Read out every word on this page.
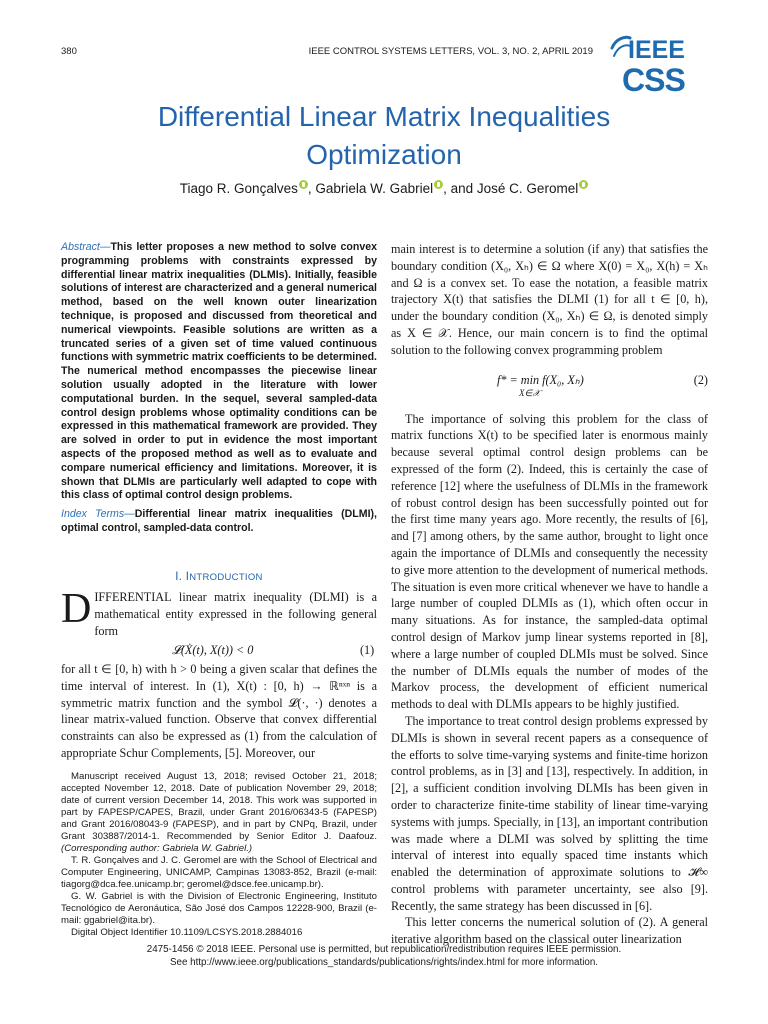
380	IEEE CONTROL SYSTEMS LETTERS, VOL. 3, NO. 2, APRIL 2019 IEEE
CSS
Differential Linear Matrix Inequalities
Optimization
Tiago R. Gonçalves , Gabriela W. Gabriel , and José C. Geromel
Abstract—This letter proposes a new method to solve convex programming problems with constraints expressed by differential linear matrix inequalities (DLMIs). Initially, feasible solutions of interest are characterized and a general numerical method, based on the well known outer linearization technique, is proposed and discussed from theoretical and numerical viewpoints. Feasible solutions are written as a truncated series of a given set of time valued continuous functions with symmetric matrix coefficients to be determined. The numerical method encompasses the piecewise linear solution usually adopted in the literature with lower computational burden. In the sequel, several sampled-data control design problems whose optimality conditions can be expressed in this mathematical framework are provided. They are solved in order to put in evidence the most important aspects of the proposed method as well as to evaluate and compare numerical efficiency and limitations. Moreover, it is shown that DLMIs are particularly well adapted to cope with this class of optimal control design problems.
Index Terms—Differential linear matrix inequalities (DLMI), optimal control, sampled-data control.
I. INTRODUCTION
DIFFERENTIAL linear matrix inequality (DLMI) is a mathematical entity expressed in the following general form
𝓛(Ẋ(t), X(t)) < 0	(1)
for all t ∈ [0, h) with h > 0 being a given scalar that defines the time interval of interest. In (1), X(t) : [0, h) → ℝⁿˣⁿ is a symmetric matrix function and the symbol 𝓛(·, ·) denotes a linear matrix-valued function. Observe that convex differential constraints can also be expressed as (1) from the calculation of appropriate Schur Complements, [5]. Moreover, our

Manuscript received August 13, 2018; revised October 21, 2018; accepted November 12, 2018. Date of publication November 29, 2018; date of current version December 14, 2018. This work was supported in part by FAPESP/CAPES, Brazil, under Grant 2016/06343-5 (FAPESP) and Grant 2016/08043-9 (FAPESP), and in part by CNPq, Brazil, under Grant 303887/2014-1. Recommended by Senior Editor J. Daafouz. (Corresponding author: Gabriela W. Gabriel.)

T. R. Gonçalves and J. C. Geromel are with the School of Electrical and Computer Engineering, UNICAMP, Campinas 13083-852, Brazil (e-mail: tiagorg@dca.fee.unicamp.br; geromel@dsce.fee.unicamp.br).

G. W. Gabriel is with the Division of Electronic Engineering, Instituto Tecnológico de Aeronáutica, São José dos Campos 12228-900, Brazil (e-mail: ggabriel@ita.br).

Digital Object Identifier 10.1109/LCSYS.2018.2884016

main interest is to determine a solution (if any) that satisfies the boundary condition (X₀, Xₕ) ∈ Ω where X(0) = X₀, X(h) = Xₕ and Ω is a convex set. To ease the notation, a feasible matrix trajectory X(t) that satisfies the DLMI (1) for all t ∈ [0, h), under the boundary condition (X₀, Xₕ) ∈ Ω, is denoted simply as X ∈ 𝒳. Hence, our main concern is to find the optimal solution to the following convex programming problem

f* = min f(X₀, Xₕ)
X∈𝒳
(2)

The importance of solving this problem for the class of matrix functions X(t) to be specified later is enormous mainly because several optimal control design problems can be expressed of the form (2). Indeed, this is certainly the case of reference [12] where the usefulness of DLMIs in the framework of robust control design has been successfully pointed out for the first time many years ago. More recently, the results of [6], and [7] among others, by the same author, brought to light once again the importance of DLMIs and consequently the necessity to give more attention to the development of numerical methods. The situation is even more critical whenever we have to handle a large number of coupled DLMIs as (1), which often occur in many situations. As for instance, the sampled-data optimal control design of Markov jump linear systems reported in [8], where a large number of coupled DLMIs must be solved. Since the number of DLMIs equals the number of modes of the Markov process, the development of efficient numerical methods to deal with DLMIs appears to be highly justified.

The importance to treat control design problems expressed by DLMIs is shown in several recent papers as a consequence of the efforts to solve time-varying systems and finite-time horizon control problems, as in [3] and [13], respectively. In addition, in [2], a sufficient condition involving DLMIs has been given in order to characterize finite-time stability of linear time-varying systems with jumps. Specially, in [13], an important contribution was made where a DLMI was solved by splitting the time interval of interest into equally spaced time instants which enabled the determination of approximate solutions to 𝓗∞ control problems with parameter uncertainty, see also [9]. Recently, the same strategy has been discussed in [6].

This letter concerns the numerical solution of (2). A general iterative algorithm based on the classical outer linearization

2475-1456 © 2018 IEEE. Personal use is permitted, but republication/redistribution requires IEEE permission.
See http://www.ieee.org/publications_standards/publications/rights/index.html for more information.
